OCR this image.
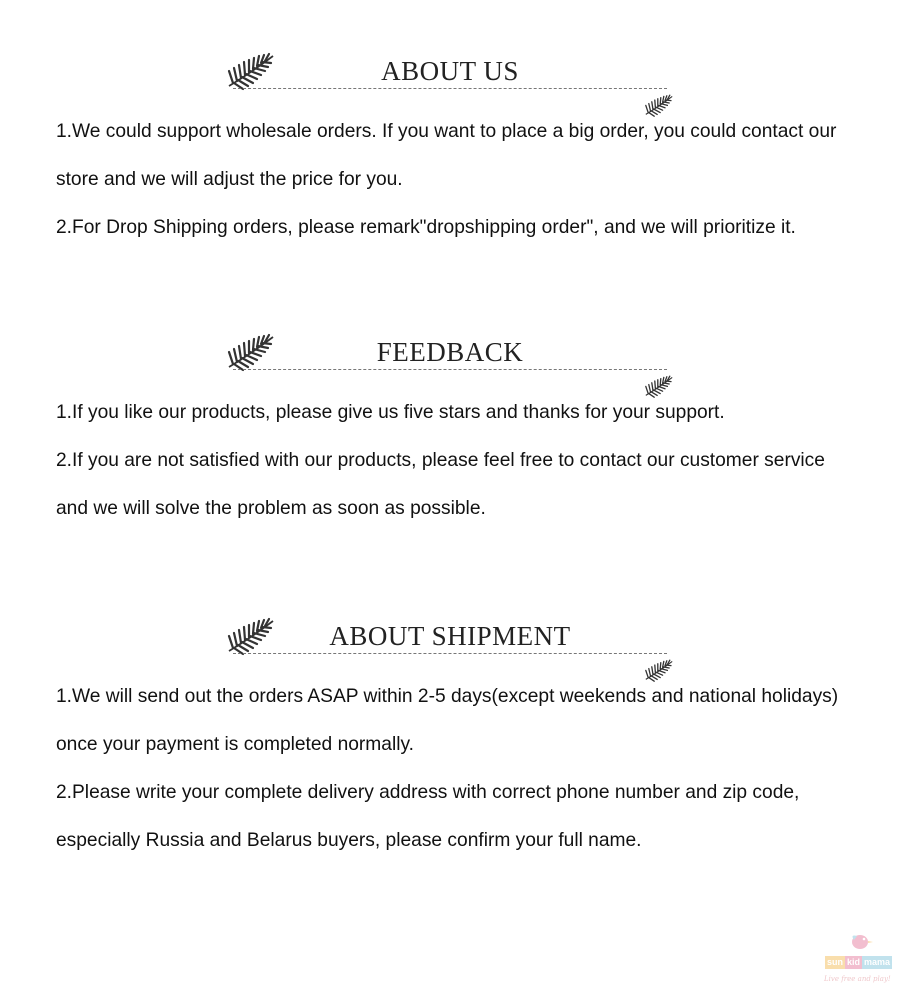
ABOUT US

1.We could support wholesale orders. If you want to place a big order, you could contact our store and we will adjust the price for you.

2.For Drop Shipping orders, please remark"dropshipping order", and we will prioritize it.

FEEDBACK

1.If you like our products, please give us five stars and thanks for your support.

2.If you are not satisfied with our products, please feel free to contact our customer service and we will solve the problem as soon as possible.

ABOUT SHIPMENT

1.We will send out the orders ASAP within 2-5 days(except weekends and national holidays) once your payment is completed normally.

2.Please write your complete delivery address with correct phone number and zip code, especially Russia and Belarus buyers, please confirm your full name.

sun kid mama
Live free and play!
